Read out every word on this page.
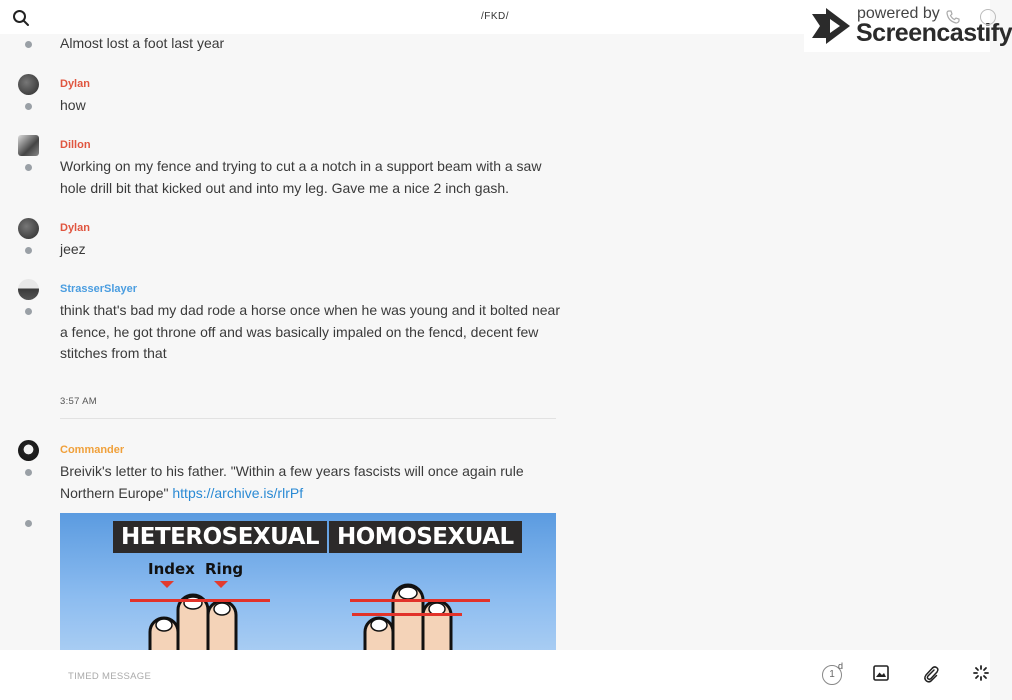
/FKD/	powered by
Screencastify
Almost lost a foot last year
Dylan
how
Dillon
Working on my fence and trying to cut a a notch in a support beam with a saw hole drill bit that kicked out and into my leg. Gave me a nice 2 inch gash.
Dylan
jeez
StrasserSlayer
think that's bad my dad rode a horse once when he was young and it bolted near a fence, he got throne off and was basically impaled on the fencd, decent few stitches from that
3:57 AM
Commander
Breivik's letter to his father. "Within a few years fascists will once again rule Northern Europe" https://archive.is/rlrPf
HETEROSEXUAL HOMOSEXUAL
Index Ring
TIMED MESSAGE	1
d
